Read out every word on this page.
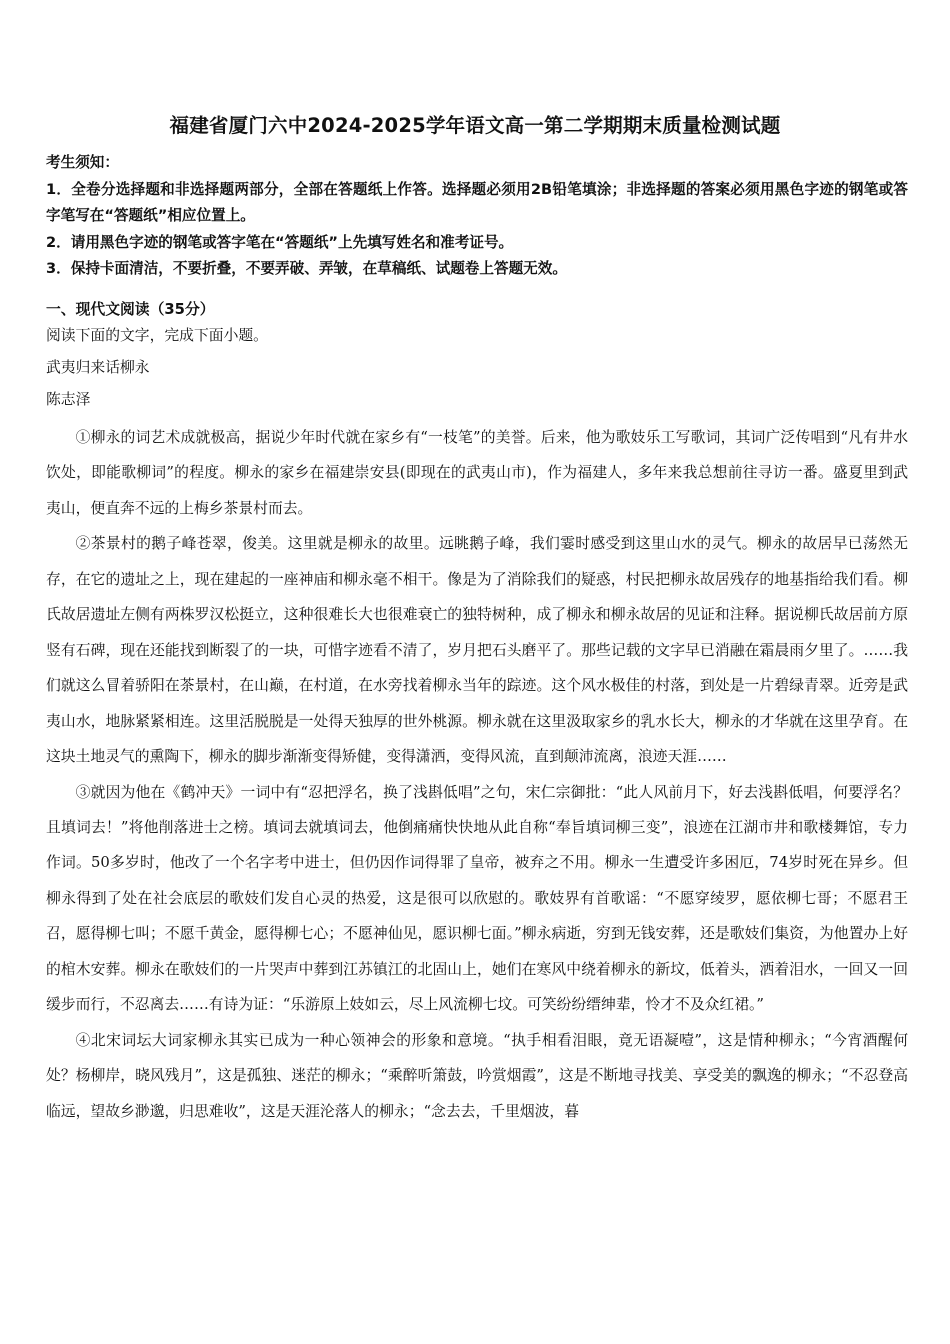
福建省厦门六中2024-2025学年语文高一第二学期期末质量检测试题
考生须知：
1．全卷分选择题和非选择题两部分，全部在答题纸上作答。选择题必须用2B铅笔填涂；非选择题的答案必须用黑色字迹的钢笔或答字笔写在“答题纸”相应位置上。
2．请用黑色字迹的钢笔或答字笔在“答题纸”上先填写姓名和准考证号。
3．保持卡面清洁，不要折叠，不要弄破、弄皱，在草稿纸、试题卷上答题无效。
一、现代文阅读（35分）
阅读下面的文字，完成下面小题。
武夷归来话柳永
陈志泽

①柳永的词艺术成就极高，据说少年时代就在家乡有“一枝笔”的美誉。后来，他为歌妓乐工写歌词，其词广泛传唱到“凡有井水饮处，即能歌柳词”的程度。柳永的家乡在福建崇安县(即现在的武夷山市)，作为福建人，多年来我总想前往寻访一番。盛夏里到武夷山，便直奔不远的上梅乡茶景村而去。

②茶景村的鹅子峰苍翠，俊美。这里就是柳永的故里。远眺鹅子峰，我们霎时感受到这里山水的灵气。柳永的故居早已荡然无存，在它的遗址之上，现在建起的一座神庙和柳永毫不相干。像是为了消除我们的疑惑，村民把柳永故居残存的地基指给我们看。柳氏故居遗址左侧有两株罗汉松挺立，这种很难长大也很难衰亡的独特树种，成了柳永和柳永故居的见证和注释。据说柳氏故居前方原竖有石碑，现在还能找到断裂了的一块，可惜字迹看不清了，岁月把石头磨平了。那些记载的文字早已消融在霜晨雨夕里了。……我们就这么冒着骄阳在茶景村，在山巅，在村道，在水旁找着柳永当年的踪迹。这个风水极佳的村落，到处是一片碧绿青翠。近旁是武夷山水，地脉紧紧相连。这里活脱脱是一处得天独厚的世外桃源。柳永就在这里汲取家乡的乳水长大，柳永的才华就在这里孕育。在这块土地灵气的熏陶下，柳永的脚步渐渐变得矫健，变得潇洒，变得风流，直到颠沛流离，浪迹天涯……

③就因为他在《鹤冲天》一词中有“忍把浮名，换了浅斟低唱”之句，宋仁宗御批：“此人风前月下，好去浅斟低唱，何要浮名？且填词去！”将他削落进士之榜。填词去就填词去，他倒痛痛快快地从此自称“奉旨填词柳三变”，浪迹在江湖市井和歌楼舞馆，专力作词。50多岁时，他改了一个名字考中进士，但仍因作词得罪了皇帝，被弃之不用。柳永一生遭受许多困厄，74岁时死在异乡。但柳永得到了处在社会底层的歌妓们发自心灵的热爱，这是很可以欣慰的。歌妓界有首歌谣：“不愿穿绫罗，愿依柳七哥；不愿君王召，愿得柳七叫；不愿千黄金，愿得柳七心；不愿神仙见，愿识柳七面。”柳永病逝，穷到无钱安葬，还是歌妓们集资，为他置办上好的棺木安葬。柳永在歌妓们的一片哭声中葬到江苏镇江的北固山上，她们在寒风中绕着柳永的新坟，低着头，洒着泪水，一回又一回缓步而行，不忍离去……有诗为证：“乐游原上妓如云，尽上风流柳七坟。可笑纷纷缙绅辈，怜才不及众红裙。”

④北宋词坛大词家柳永其实已成为一种心领神会的形象和意境。“执手相看泪眼，竟无语凝噎”，这是情种柳永；“今宵酒醒何处？杨柳岸，晓风残月”，这是孤独、迷茫的柳永；“乘醉听箫鼓，吟赏烟霞”，这是不断地寻找美、享受美的飘逸的柳永；“不忍登高临远，望故乡渺邈，归思难收”，这是天涯沦落人的柳永；“念去去，千里烟波，暮
